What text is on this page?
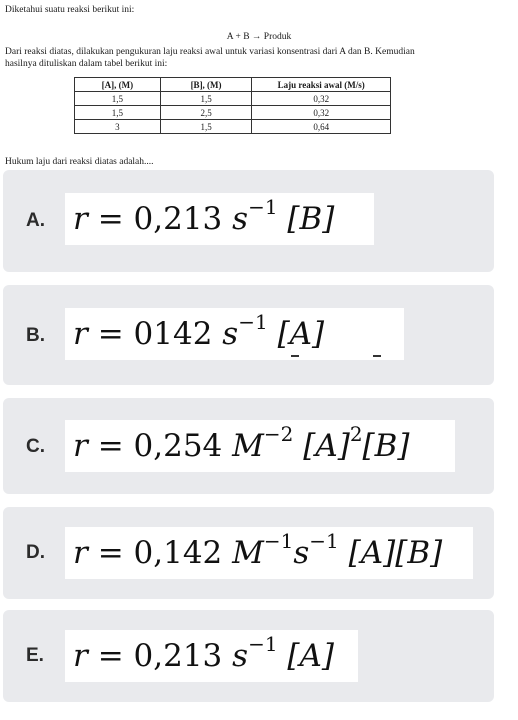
Diketahui suatu reaksi berikut ini:
A + B → Produk
Dari reaksi diatas, dilakukan pengukuran laju reaksi awal untuk variasi konsentrasi dari A dan B. Kemudian
hasilnya dituliskan dalam tabel berikut ini:
[A], (M)	[B], (M)	Laju reaksi awal (M/s)
1,5	1,5	0,32
1,5	2,5	0,32
3	1,5	0,64
Hukum laju dari reaksi diatas adalah....
A. r = 0,213 $s^{-1}$ [B]
B. r = 0142 $s^{-1}$ [A]
C. r = 0,254 $M^{-2}$ $[A]^2[B]$
D. r = 0,142 $M^{-1}s^{-1}$ [A][B]
E. r = 0,213 $s^{-1}$ [A]
